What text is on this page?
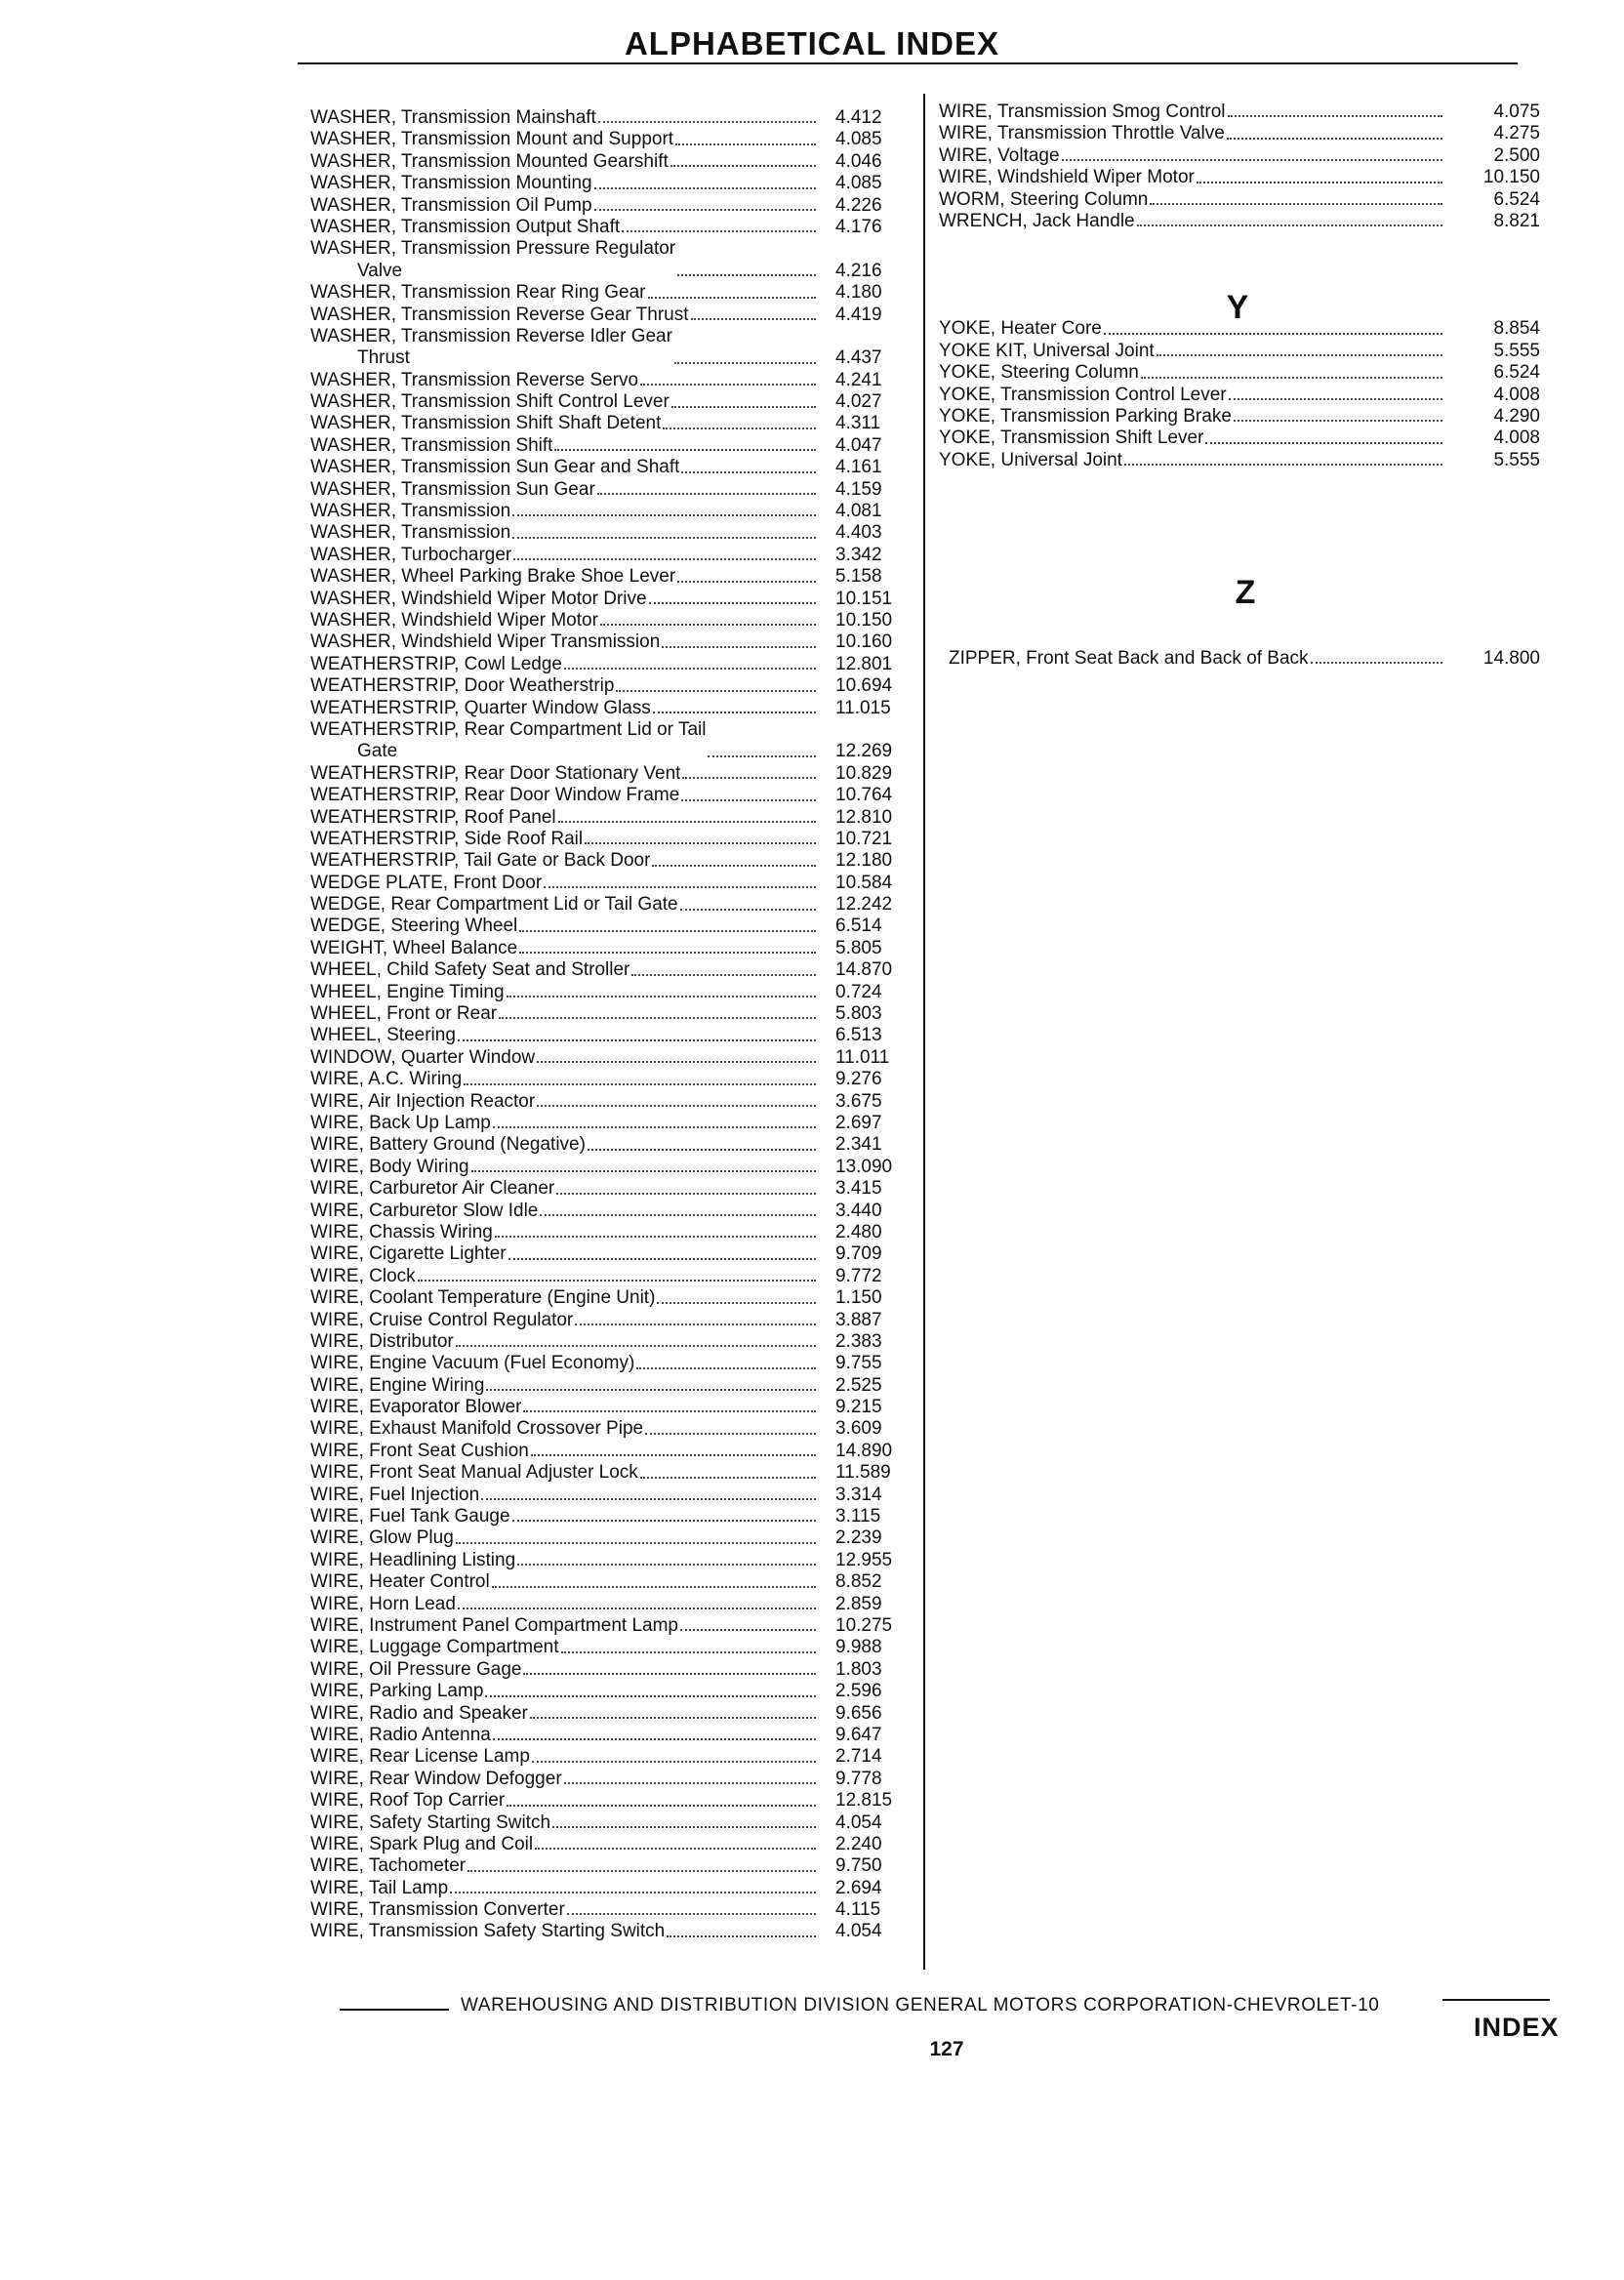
ALPHABETICAL INDEX
WASHER, Transmission Mainshaft	4.412
WASHER, Transmission Mount and Support	4.085
WASHER, Transmission Mounted Gearshift	4.046
WASHER, Transmission Mounting	4.085
WASHER, Transmission Oil Pump	4.226
WASHER, Transmission Output Shaft	4.176
WASHER, Transmission Pressure Regulator
Valve	4.216
WASHER, Transmission Rear Ring Gear	4.180
WASHER, Transmission Reverse Gear Thrust	4.419
WASHER, Transmission Reverse Idler Gear
Thrust	4.437
WASHER, Transmission Reverse Servo	4.241
WASHER, Transmission Shift Control Lever	4.027
WASHER, Transmission Shift Shaft Detent	4.311
WASHER, Transmission Shift	4.047
WASHER, Transmission Sun Gear and Shaft	4.161
WASHER, Transmission Sun Gear	4.159
WASHER, Transmission	4.081
WASHER, Transmission	4.403
WASHER, Turbocharger	3.342
WASHER, Wheel Parking Brake Shoe Lever	5.158
WASHER, Windshield Wiper Motor Drive	10.151
WASHER, Windshield Wiper Motor	10.150
WASHER, Windshield Wiper Transmission	10.160
WEATHERSTRIP, Cowl Ledge	12.801
WEATHERSTRIP, Door Weatherstrip	10.694
WEATHERSTRIP, Quarter Window Glass	11.015
WEATHERSTRIP, Rear Compartment Lid or Tail
Gate	12.269
WEATHERSTRIP, Rear Door Stationary Vent	10.829
WEATHERSTRIP, Rear Door Window Frame	10.764
WEATHERSTRIP, Roof Panel	12.810
WEATHERSTRIP, Side Roof Rail	10.721
WEATHERSTRIP, Tail Gate or Back Door	12.180
WEDGE PLATE, Front Door	10.584
WEDGE, Rear Compartment Lid or Tail Gate	12.242
WEDGE, Steering Wheel	6.514
WEIGHT, Wheel Balance	5.805
WHEEL, Child Safety Seat and Stroller	14.870
WHEEL, Engine Timing	0.724
WHEEL, Front or Rear	5.803
WHEEL, Steering	6.513
WINDOW, Quarter Window	11.011
WIRE, A.C. Wiring	9.276
WIRE, Air Injection Reactor	3.675
WIRE, Back Up Lamp	2.697
WIRE, Battery Ground (Negative)	2.341
WIRE, Body Wiring	13.090
WIRE, Carburetor Air Cleaner	3.415
WIRE, Carburetor Slow Idle	3.440
WIRE, Chassis Wiring	2.480
WIRE, Cigarette Lighter	9.709
WIRE, Clock	9.772
WIRE, Coolant Temperature (Engine Unit)	1.150
WIRE, Cruise Control Regulator	3.887
WIRE, Distributor	2.383
WIRE, Engine Vacuum (Fuel Economy)	9.755
WIRE, Engine Wiring	2.525
WIRE, Evaporator Blower	9.215
WIRE, Exhaust Manifold Crossover Pipe	3.609
WIRE, Front Seat Cushion	14.890
WIRE, Front Seat Manual Adjuster Lock	11.589
WIRE, Fuel Injection	3.314
WIRE, Fuel Tank Gauge	3.115
WIRE, Glow Plug	2.239
WIRE, Headlining Listing	12.955
WIRE, Heater Control	8.852
WIRE, Horn Lead	2.859
WIRE, Instrument Panel Compartment Lamp	10.275
WIRE, Luggage Compartment	9.988
WIRE, Oil Pressure Gage	1.803
WIRE, Parking Lamp	2.596
WIRE, Radio and Speaker	9.656
WIRE, Radio Antenna	9.647
WIRE, Rear License Lamp	2.714
WIRE, Rear Window Defogger	9.778
WIRE, Roof Top Carrier	12.815
WIRE, Safety Starting Switch	4.054
WIRE, Spark Plug and Coil	2.240
WIRE, Tachometer	9.750
WIRE, Tail Lamp	2.694
WIRE, Transmission Converter	4.115
WIRE, Transmission Safety Starting Switch	4.054
WIRE, Transmission Smog Control	4.075
WIRE, Transmission Throttle Valve	4.275
WIRE, Voltage	2.500
WIRE, Windshield Wiper Motor	10.150
WORM, Steering Column	6.524
WRENCH, Jack Handle	8.821
YOKE, Heater Core	8.854
YOKE KIT, Universal Joint	5.555
YOKE, Steering Column	6.524
YOKE, Transmission Control Lever	4.008
YOKE, Transmission Parking Brake	4.290
YOKE, Transmission Shift Lever	4.008
YOKE, Universal Joint	5.555
Y
Z
ZIPPER, Front Seat Back and Back of Back	14.800
WAREHOUSING AND DISTRIBUTION DIVISION GENERAL MOTORS CORPORATION-CHEVROLET-10
127
INDEX
